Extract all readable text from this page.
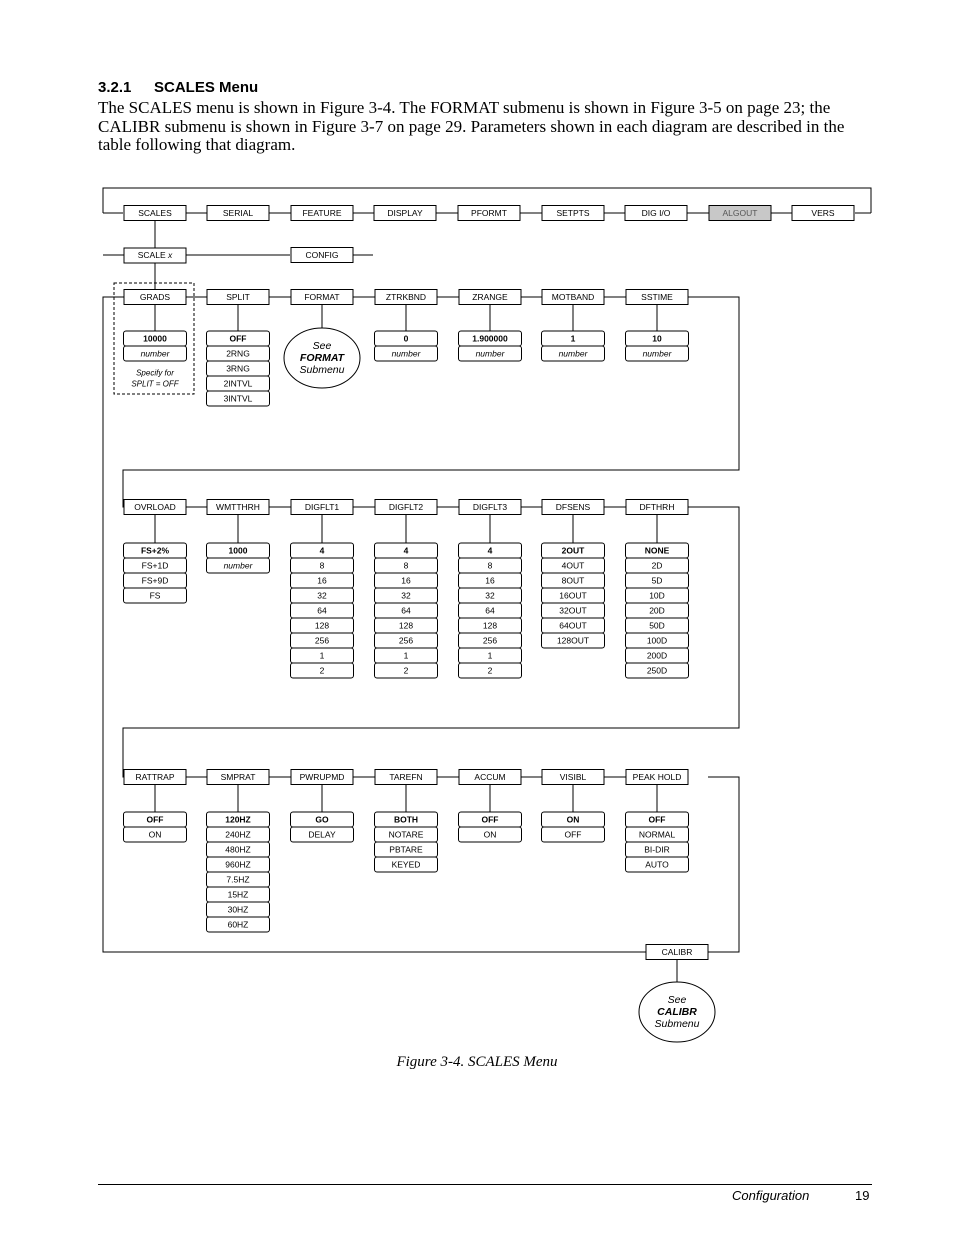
3.2.1 SCALES Menu

The SCALES menu is shown in Figure 3-4. The FORMAT submenu is shown in Figure 3-5 on page 23; the CALIBR submenu is shown in Figure 3-7 on page 29. Parameters shown in each diagram are described in the table following that diagram.

SCALES	SERIAL	FEATURE	DISPLAY	PFORMT	SETPTS	DIG I/O	ALGOUT	VERS
SCALE x	CONFIG
GRADS
10000
number
SPLIT
OFF
2RNG
3RNG
2INTVL
3INTVL
FORMAT
See
FORMAT
Submenu
ZTRKBND
0
number
ZRANGE
1.900000
number
MOTBAND
1
number
SSTIME
10
number
Specify for
SPLIT = OFF
OVRLOAD
FS+2%
FS+1D
FS+9D
FS
WMTTHRH
1000
number
DIGFLT1
4
8
16
32
64
128
256
1
2
DIGFLT2
4
8
16
32
64
128
256
1
2
DIGFLT3
4
8
16
32
64
128
256
1
2
DFSENS
2OUT
4OUT
8OUT
16OUT
32OUT
64OUT
128OUT
DFTHRH
NONE
2D
5D
10D
20D
50D
100D
200D
250D
RATTRAP
OFF
ON
SMPRAT
120HZ
240HZ
480HZ
960HZ
7.5HZ
15HZ
30HZ
60HZ
PWRUPMD
GO
DELAY
TAREFN
BOTH
NOTARE
PBTARE
KEYED
ACCUM
OFF
ON
VISIBL
ON
OFF
PEAK HOLD
OFF
NORMAL
BI-DIR
AUTO
CALIBR
See
CALIBR
Submenu
Figure 3-4. SCALES Menu
Configuration	19
